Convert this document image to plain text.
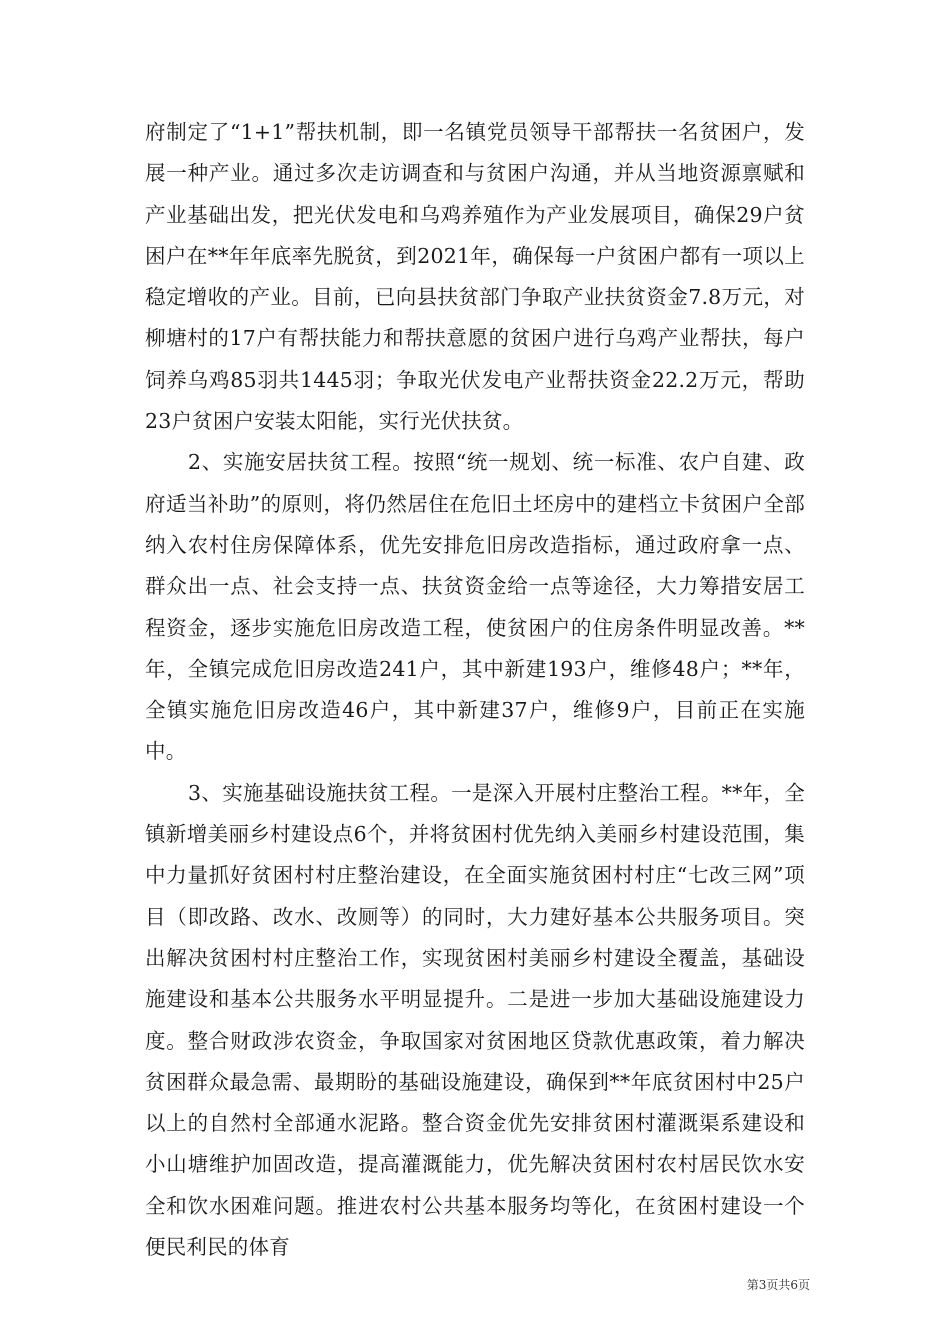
府制定了“1+1”帮扶机制，即一名镇党员领导干部帮扶一名贫困户，发展一种产业。通过多次走访调查和与贫困户沟通，并从当地资源禀赋和产业基础出发，把光伏发电和乌鸡养殖作为产业发展项目，确保29户贫困户在**年年底率先脱贫，到2021年，确保每一户贫困户都有一项以上稳定增收的产业。目前，已向县扶贫部门争取产业扶贫资金7.8万元，对柳塘村的17户有帮扶能力和帮扶意愿的贫困户进行乌鸡产业帮扶，每户饲养乌鸡85羽共1445羽；争取光伏发电产业帮扶资金22.2万元，帮助23户贫困户安装太阳能，实行光伏扶贫。

2、实施安居扶贫工程。按照“统一规划、统一标准、农户自建、政府适当补助”的原则，将仍然居住在危旧土坯房中的建档立卡贫困户全部纳入农村住房保障体系，优先安排危旧房改造指标，通过政府拿一点、群众出一点、社会支持一点、扶贫资金给一点等途径，大力筹措安居工程资金，逐步实施危旧房改造工程，使贫困户的住房条件明显改善。**年，全镇完成危旧房改造241户，其中新建193户，维修48户；**年，全镇实施危旧房改造46户，其中新建37户，维修9户，目前正在实施中。

3、实施基础设施扶贫工程。一是深入开展村庄整治工程。**年，全镇新增美丽乡村建设点6个，并将贫困村优先纳入美丽乡村建设范围，集中力量抓好贫困村村庄整治建设，在全面实施贫困村村庄“七改三网”项目（即改路、改水、改厕等）的同时，大力建好基本公共服务项目。突出解决贫困村村庄整治工作，实现贫困村美丽乡村建设全覆盖，基础设施建设和基本公共服务水平明显提升。二是进一步加大基础设施建设力度。整合财政涉农资金，争取国家对贫困地区贷款优惠政策，着力解决贫困群众最急需、最期盼的基础设施建设，确保到**年底贫困村中25户以上的自然村全部通水泥路。整合资金优先安排贫困村灌溉渠系建设和小山塘维护加固改造，提高灌溉能力，优先解决贫困村农村居民饮水安全和饮水困难问题。推进农村公共基本服务均等化，在贫困村建设一个便民利民的体育

第3页共6页
